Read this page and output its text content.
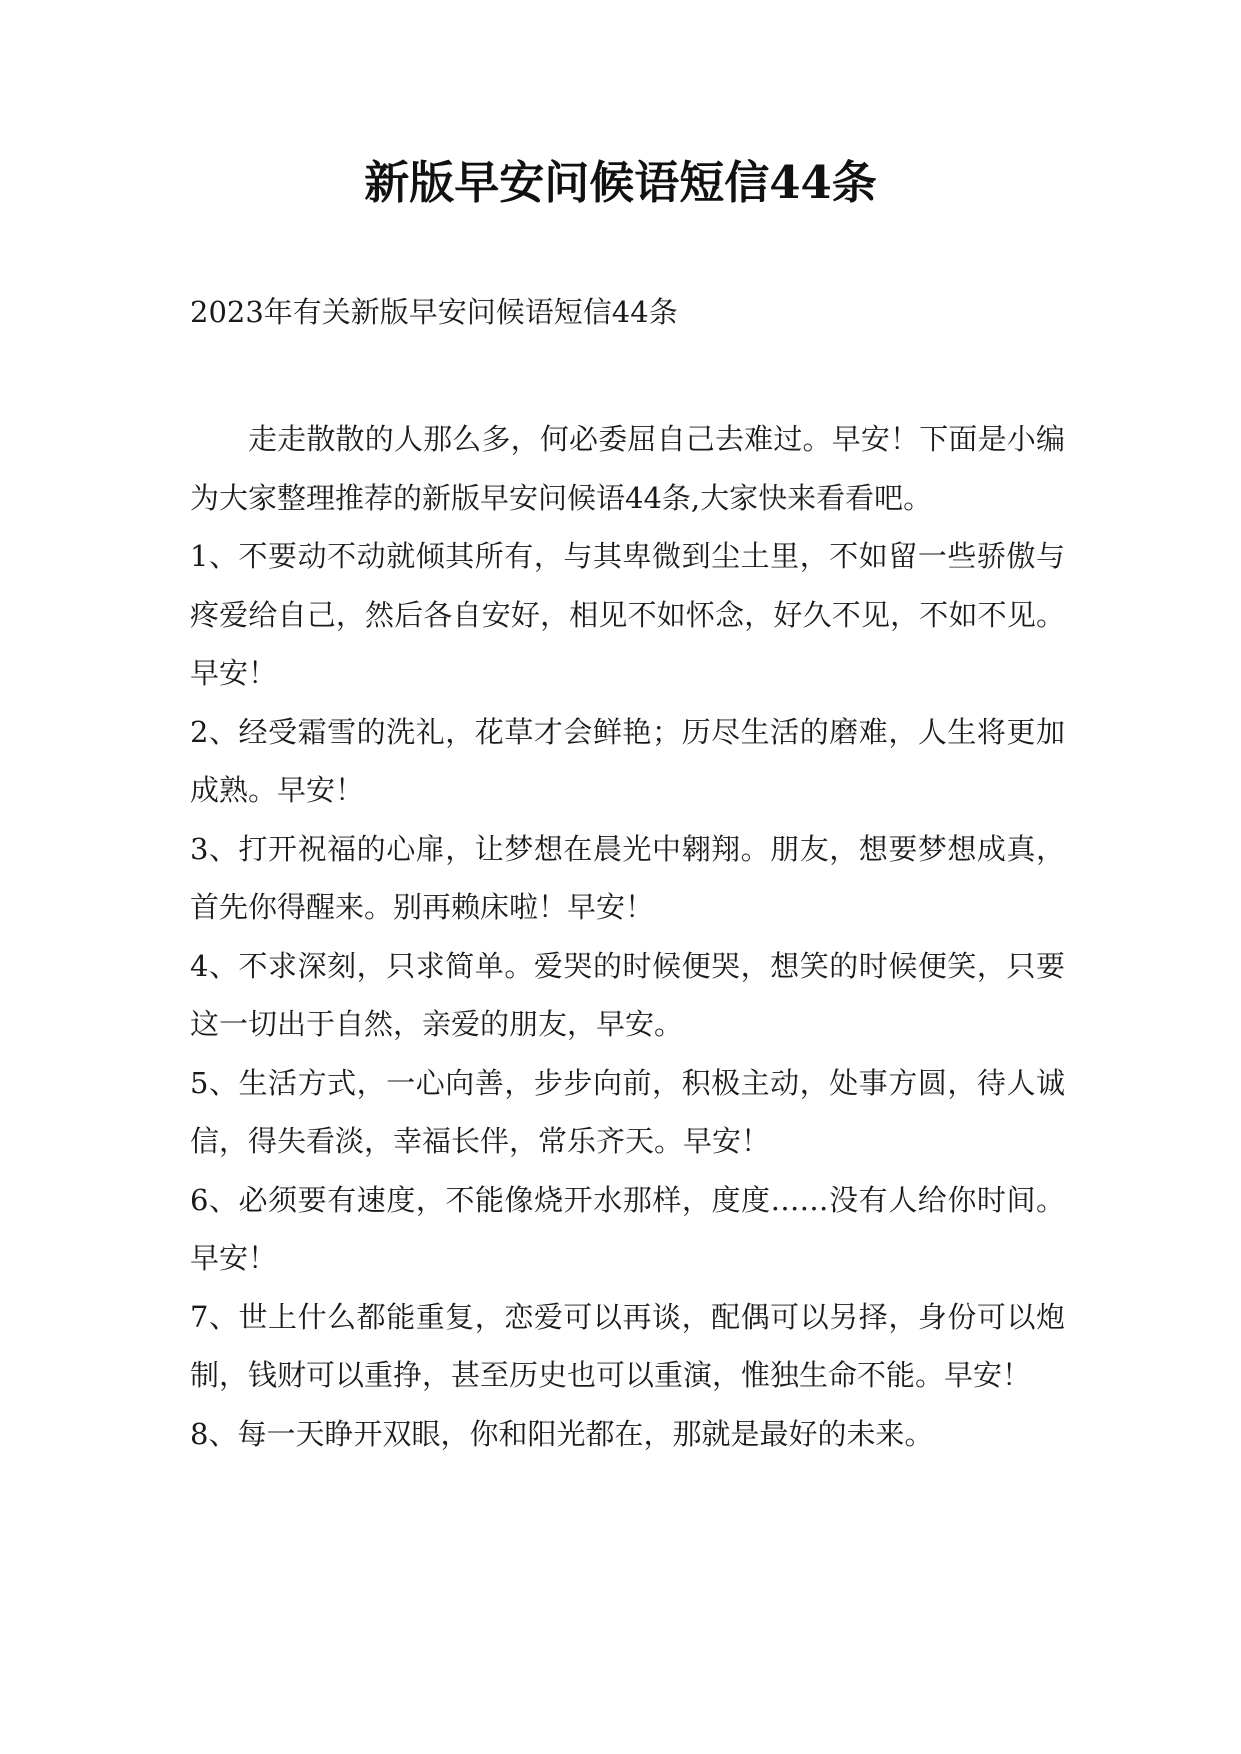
新版早安问候语短信44条
2023年有关新版早安问候语短信44条

走走散散的人那么多，何必委屈自己去难过。早安！下面是小编为大家整理推荐的新版早安问候语44条,大家快来看看吧。

1、不要动不动就倾其所有，与其卑微到尘土里，不如留一些骄傲与疼爱给自己，然后各自安好，相见不如怀念，好久不见，不如不见。早安！

2、经受霜雪的洗礼，花草才会鲜艳；历尽生活的磨难，人生将更加成熟。早安！

3、打开祝福的心扉，让梦想在晨光中翱翔。朋友，想要梦想成真，首先你得醒来。别再赖床啦！早安！

4、不求深刻，只求简单。爱哭的时候便哭，想笑的时候便笑，只要这一切出于自然，亲爱的朋友，早安。

5、生活方式，一心向善，步步向前，积极主动，处事方圆，待人诚信，得失看淡，幸福长伴，常乐齐天。早安！

6、必须要有速度，不能像烧开水那样，度度……没有人给你时间。早安！

7、世上什么都能重复，恋爱可以再谈，配偶可以另择，身份可以炮制，钱财可以重挣，甚至历史也可以重演，惟独生命不能。早安！

8、每一天睁开双眼，你和阳光都在，那就是最好的未来。
